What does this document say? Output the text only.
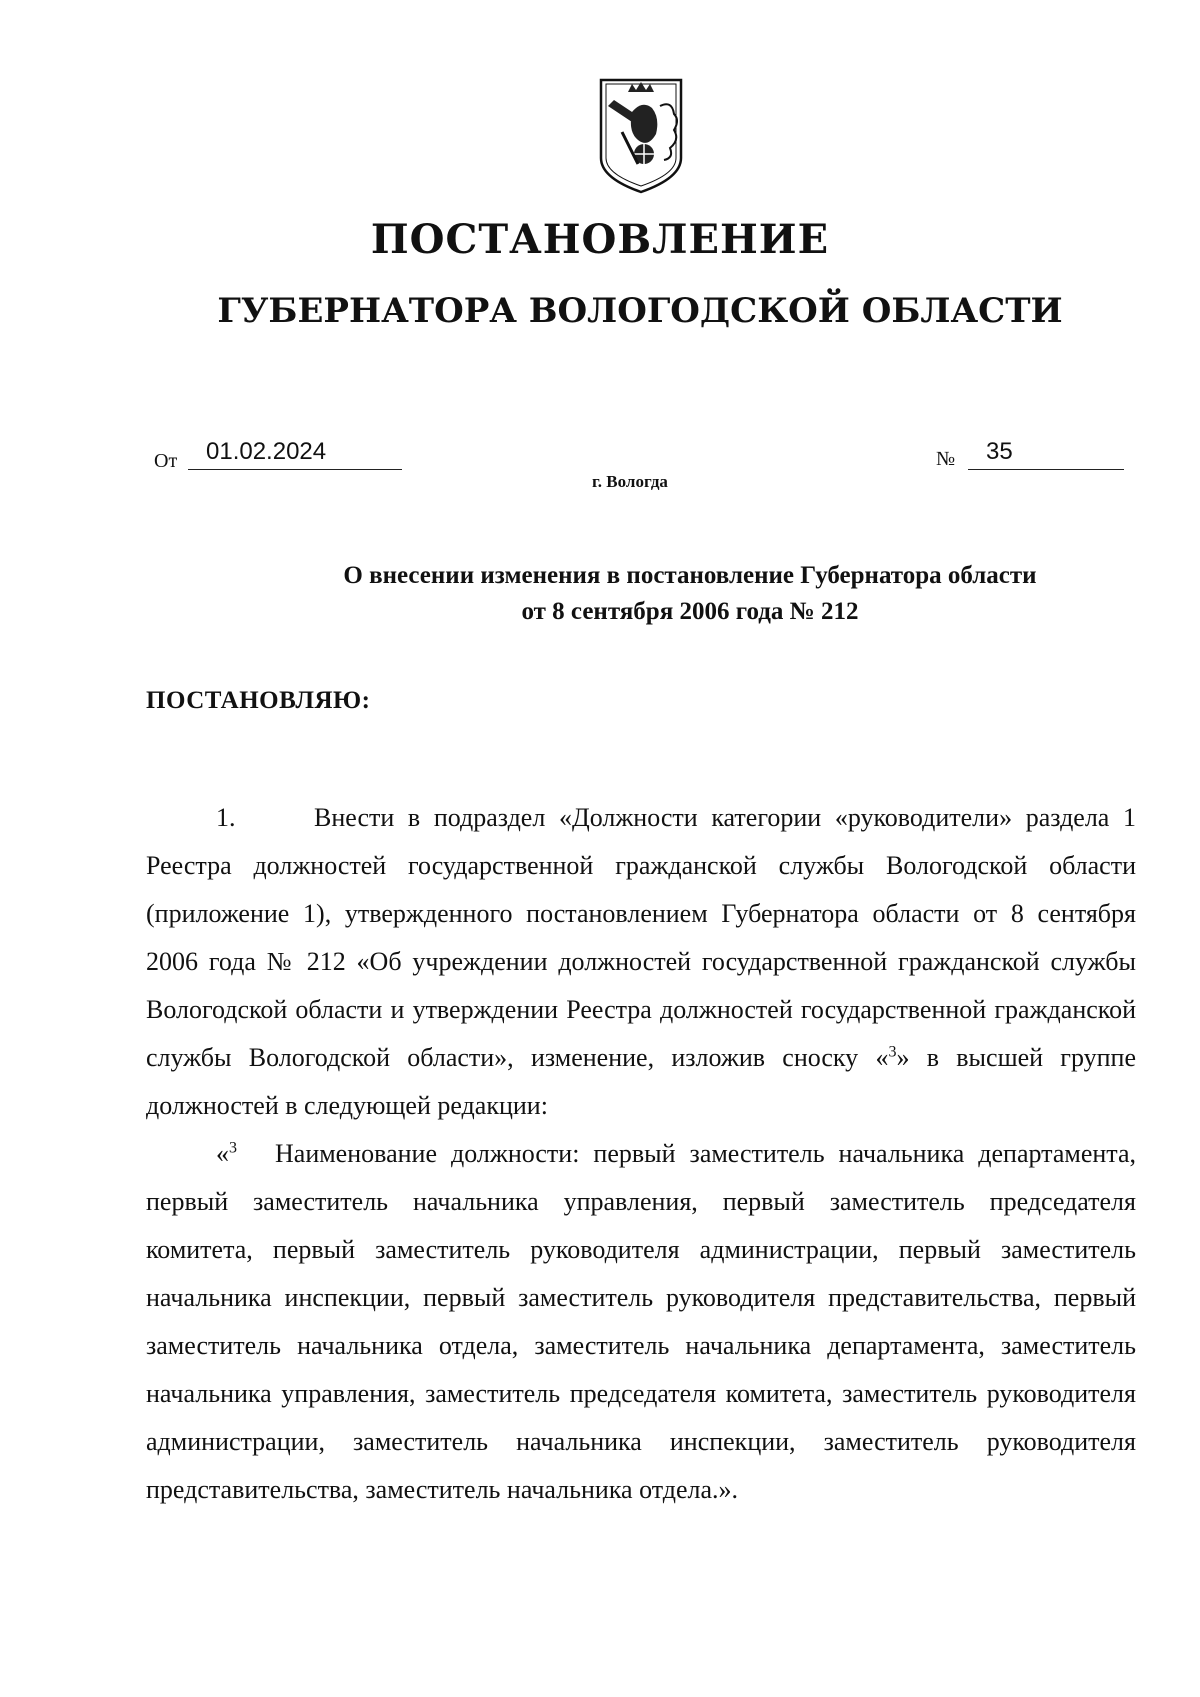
ПОСТАНОВЛЕНИЕ
ГУБЕРНАТОРА ВОЛОГОДСКОЙ ОБЛАСТИ
От	01.02.2024	№	35
г. Вологда
О внесении изменения в постановление Губернатора области
от 8 сентября 2006 года № 212
ПОСТАНОВЛЯЮ:
1.	Внести в подраздел «Должности категории «руководители» раздела 1 Реестра должностей государственной гражданской службы Вологодской области (приложение 1), утвержденного постановлением Губернатора области от 8 сентября 2006 года № 212 «Об учреждении должностей государственной гражданской службы Вологодской области и утверждении Реестра должностей государственной гражданской службы Вологодской области», изменение, изложив сноску «$^3$» в высшей группе должностей в следующей редакции:
«$^3$ Наименование должности: первый заместитель начальника департамента, первый заместитель начальника управления, первый заместитель председателя комитета, первый заместитель руководителя администрации, первый заместитель начальника инспекции, первый заместитель руководителя представительства, первый заместитель начальника отдела, заместитель начальника департамента, заместитель начальника управления, заместитель председателя комитета, заместитель руководителя администрации, заместитель начальника инспекции, заместитель руководителя представительства, заместитель начальника отдела.».
